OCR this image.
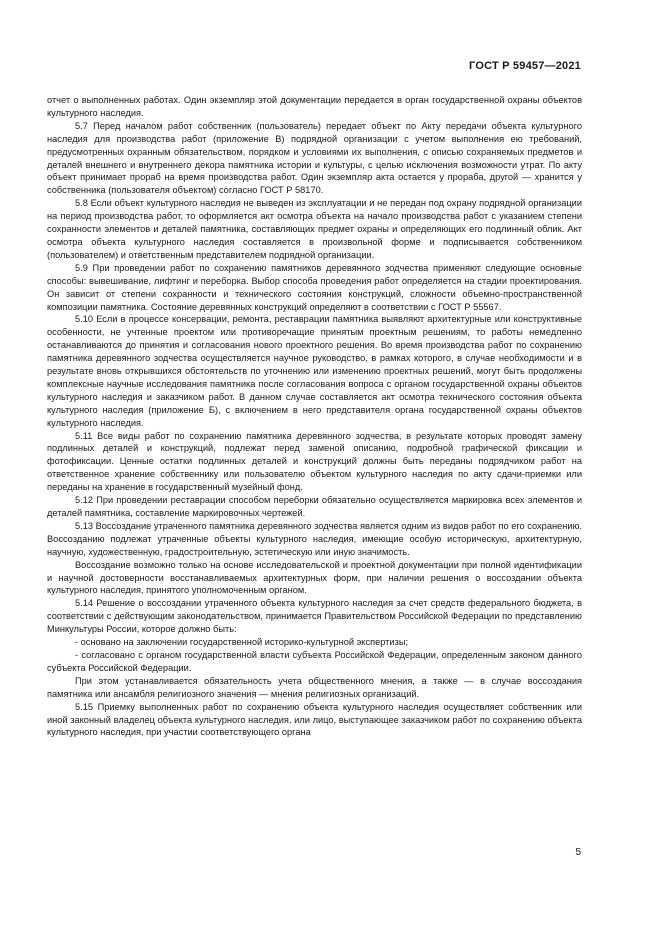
ГОСТ Р 59457—2021

отчет о выполненных работах. Один экземпляр этой документации передается в орган государственной охраны объектов культурного наследия.

5.7 Перед началом работ собственник (пользователь) передает объект по Акту передачи объекта культурного наследия для производства работ (приложение В) подрядной организации с учетом выполнения ею требований, предусмотренных охранным обязательством, порядком и условиями их выполнения, с описью сохраняемых предметов и деталей внешнего и внутреннего декора памятника истории и культуры, с целью исключения возможности утрат. По акту объект принимает прораб на время производства работ. Один экземпляр акта остается у прораба, другой — хранится у собственника (пользователя объектом) согласно ГОСТ Р 58170.

5.8 Если объект культурного наследия не выведен из эксплуатации и не передан под охрану подрядной организации на период производства работ, то оформляется акт осмотра объекта на начало производства работ с указанием степени сохранности элементов и деталей памятника, составляющих предмет охраны и определяющих его подлинный облик. Акт осмотра объекта культурного наследия составляется в произвольной форме и подписывается собственником (пользователем) и ответственным представителем подрядной организации.

5.9 При проведении работ по сохранению памятников деревянного зодчества применяют следующие основные способы: вывешивание, лифтинг и переборка. Выбор способа проведения работ определяется на стадии проектирования. Он зависит от степени сохранности и технического состояния конструкций, сложности объемно-пространственной композиции памятника. Состояние деревянных конструкций определяют в соответствии с ГОСТ Р 55567.

5.10 Если в процессе консервации, ремонта, реставрации памятника выявляют архитектурные или конструктивные особенности, не учтенные проектом или противоречащие принятым проектным решениям, то работы немедленно останавливаются до принятия и согласования нового проектного решения. Во время производства работ по сохранению памятника деревянного зодчества осуществляется научное руководство, в рамках которого, в случае необходимости и в результате вновь открывшихся обстоятельств по уточнению или изменению проектных решений, могут быть продолжены комплексные научные исследования памятника после согласования вопроса с органом государственной охраны объектов культурного наследия и заказчиком работ. В данном случае составляется акт осмотра технического состояния объекта культурного наследия (приложение Б), с включением в него представителя органа государственной охраны объектов культурного наследия.

5.11 Все виды работ по сохранению памятника деревянного зодчества, в результате которых проводят замену подлинных деталей и конструкций, подлежат перед заменой описанию, подробной графической фиксации и фотофиксации. Ценные остатки подлинных деталей и конструкций должны быть переданы подрядчиком работ на ответственное хранение собственнику или пользователю объектом культурного наследия по акту сдачи-приемки или переданы на хранение в государственный музейный фонд.

5.12 При проведении реставрации способом переборки обязательно осуществляется маркировка всех элементов и деталей памятника, составление маркировочных чертежей.

5.13 Воссоздание утраченного памятника деревянного зодчества является одним из видов работ по его сохранению. Воссозданию подлежат утраченные объекты культурного наследия, имеющие особую историческую, архитектурную, научную, художественную, градостроительную, эстетическую или иную значимость.

Воссоздание возможно только на основе исследовательской и проектной документации при полной идентификации и научной достоверности восстанавливаемых архитектурных форм, при наличии решения о воссоздании объекта культурного наследия, принятого уполномоченным органом.

5.14 Решение о воссоздании утраченного объекта культурного наследия за счет средств федерального бюджета, в соответствии с действующим законодательством, принимается Правительством Российской Федерации по представлению Минкультуры России, которое должно быть:

- основано на заключении государственной историко-культурной экспертизы;

- согласовано с органом государственной власти субъекта Российской Федерации, определенным законом данного субъекта Российской Федерации.

При этом устанавливается обязательность учета общественного мнения, а также — в случае воссоздания памятника или ансамбля религиозного значения — мнения религиозных организаций.

5.15 Приемку выполненных работ по сохранению объекта культурного наследия осуществляет собственник или иной законный владелец объекта культурного наследия, или лицо, выступающее заказчиком работ по сохранению объекта культурного наследия, при участии соответствующего органа

5
